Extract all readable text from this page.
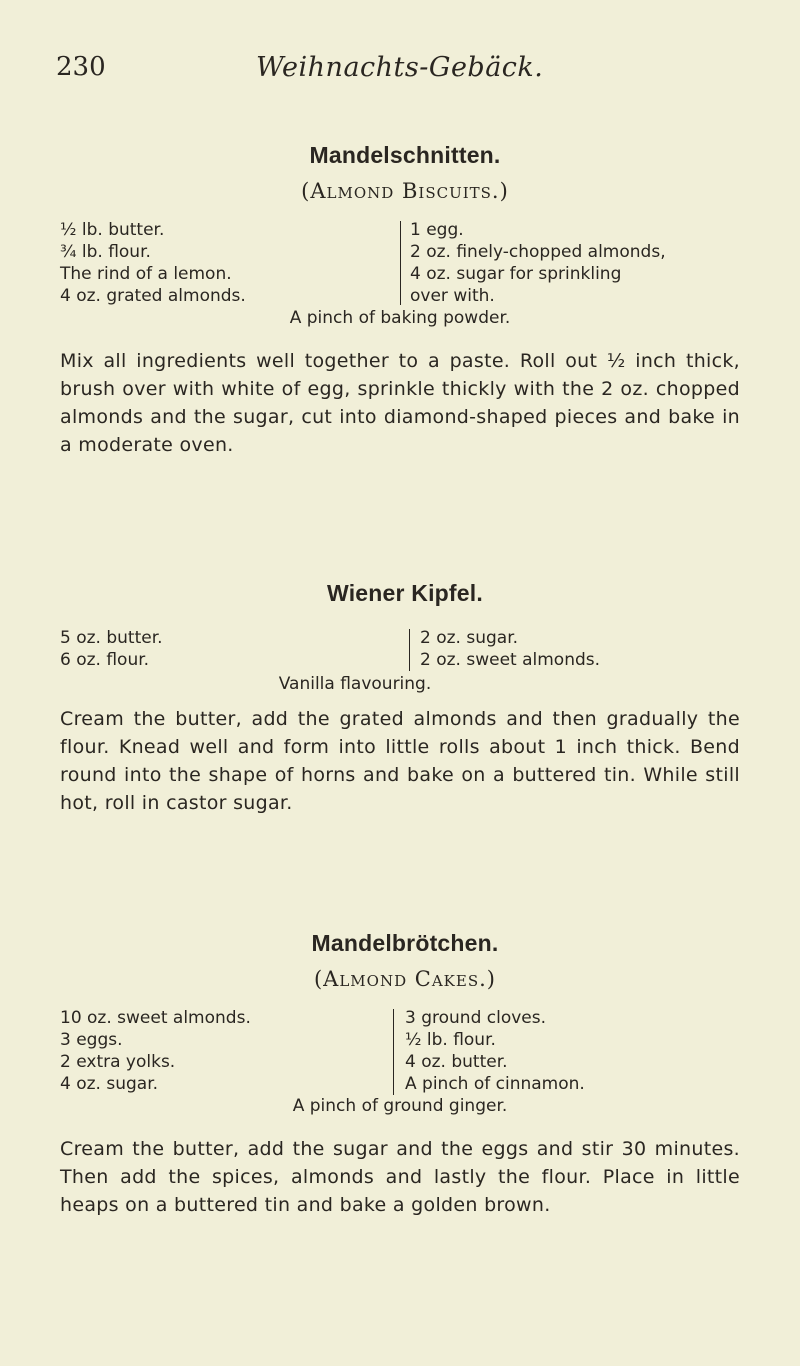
230	Weihnachts-Gebäck.
Mandelschnitten.
(Almond Biscuits.)
½ lb. butter.
¾ lb. flour.
The rind of a lemon.
4 oz. grated almonds.
1 egg.
2 oz. finely-chopped almonds,
4 oz. sugar for sprinkling
over with.
A pinch of baking powder.

Mix all ingredients well together to a paste. Roll out ½ inch thick, brush over with white of egg, sprinkle thickly with the 2 oz. chopped almonds and the sugar, cut into diamond-shaped pieces and bake in a moderate oven.

Wiener Kipfel.
5 oz. butter.
6 oz. flour.
2 oz. sugar.
2 oz. sweet almonds.
Vanilla flavouring.

Cream the butter, add the grated almonds and then gradually the flour. Knead well and form into little rolls about 1 inch thick. Bend round into the shape of horns and bake on a buttered tin. While still hot, roll in castor sugar.

Mandelbrötchen.
(Almond Cakes.)
10 oz. sweet almonds.
3 eggs.
2 extra yolks.
4 oz. sugar.
3 ground cloves.
½ lb. flour.
4 oz. butter.
A pinch of cinnamon.
A pinch of ground ginger.

Cream the butter, add the sugar and the eggs and stir 30 minutes. Then add the spices, almonds and lastly the flour. Place in little heaps on a buttered tin and bake a golden brown.
